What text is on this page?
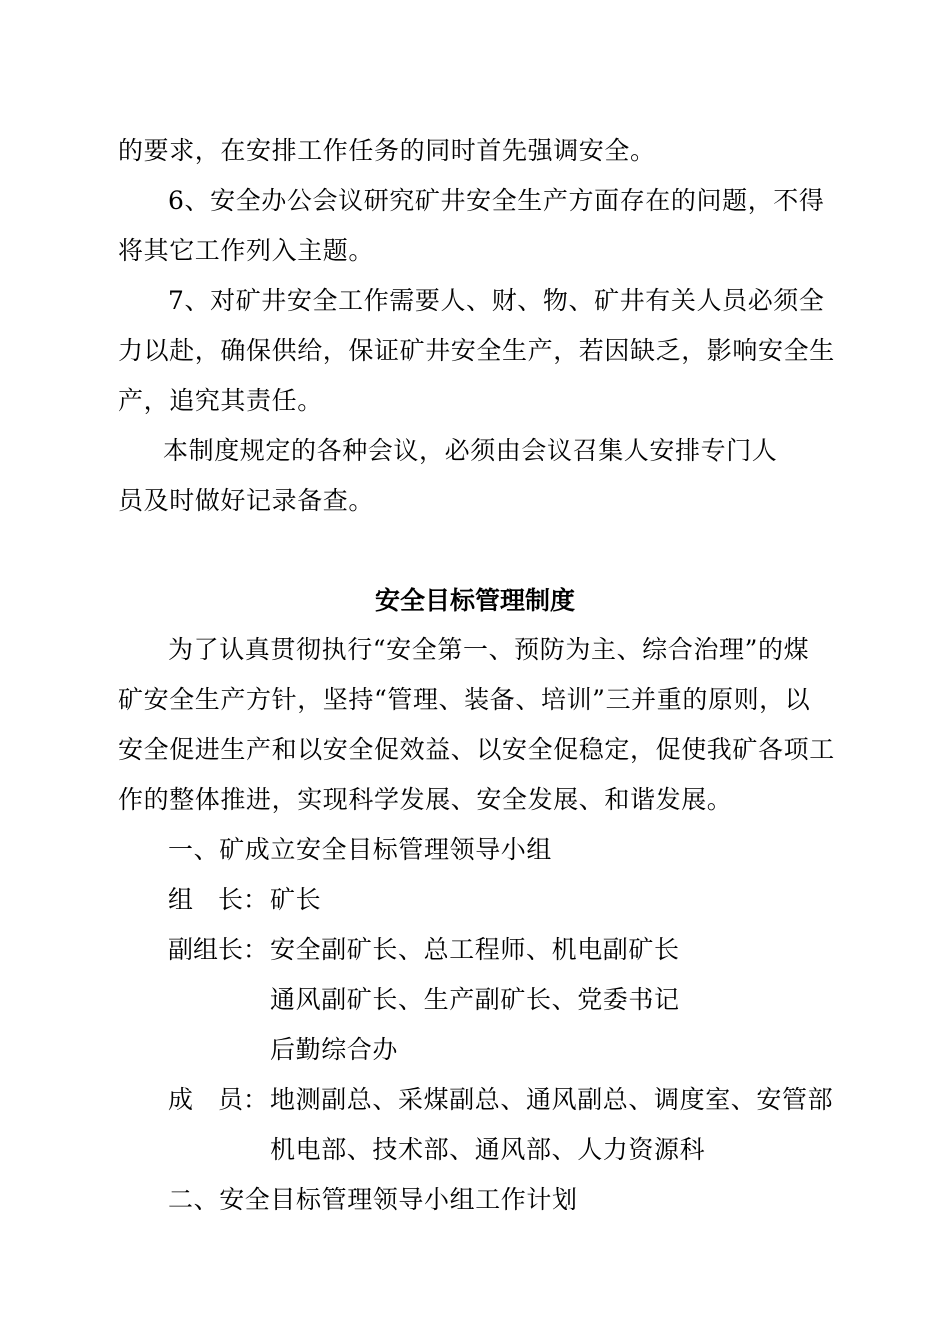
的要求，在安排工作任务的同时首先强调安全。
6、安全办公会议研究矿井安全生产方面存在的问题，不得
将其它工作列入主题。
7、对矿井安全工作需要人、财、物、矿井有关人员必须全
力以赴，确保供给，保证矿井安全生产，若因缺乏，影响安全生
产，追究其责任。
本制度规定的各种会议，必须由会议召集人安排专门人
员及时做好记录备查。
安全目标管理制度
为了认真贯彻执行“安全第一、预防为主、综合治理”的煤
矿安全生产方针，坚持“管理、装备、培训”三并重的原则，以
安全促进生产和以安全促效益、以安全促稳定，促使我矿各项工
作的整体推进，实现科学发展、安全发展、和谐发展。
一、矿成立安全目标管理领导小组
组　长： 矿长
副组长： 安全副矿长、总工程师、机电副矿长
通风副矿长、生产副矿长、党委书记
后勤综合办
成　员： 地测副总、采煤副总、通风副总、调度室、安管部
机电部、技术部、通风部、人力资源科
二、安全目标管理领导小组工作计划
